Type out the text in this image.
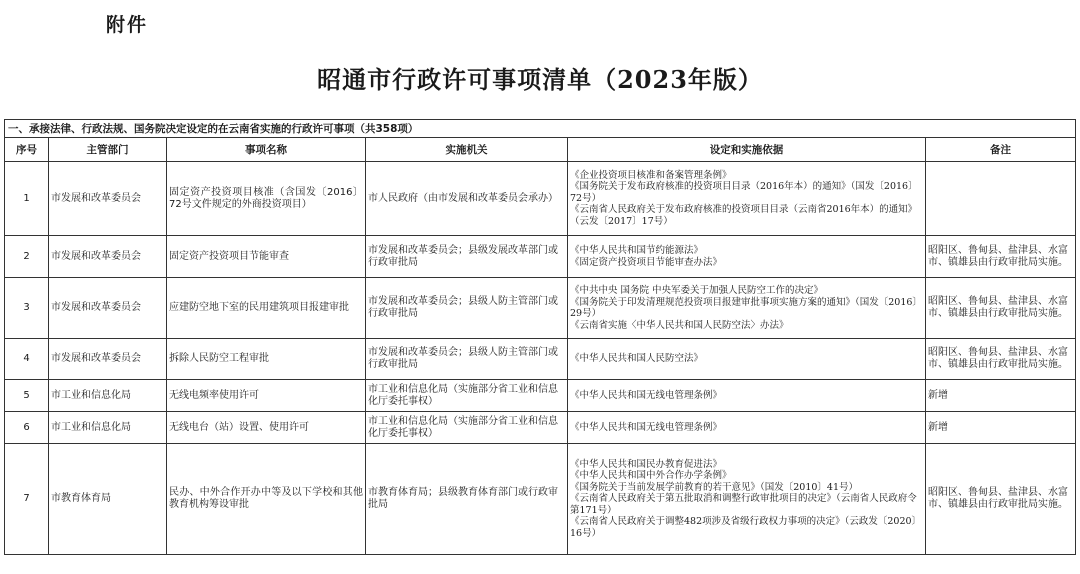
附件
昭通市行政许可事项清单（2023年版）
一、承接法律、行政法规、国务院决定设定的在云南省实施的行政许可事项（共358项）					
序号	主管部门	事项名称	实施机关	设定和实施依据	备注
1	市发展和改革委员会	固定资产投资项目核准（含国发〔2016〕72号文件规定的外商投资项目）	市人民政府（由市发展和改革委员会承办）	《企业投资项目核准和备案管理条例》
《国务院关于发布政府核准的投资项目目录（2016年本）的通知》（国发〔2016〕72号）
《云南省人民政府关于发布政府核准的投资项目目录（云南省2016年本）的通知》（云发〔2017〕17号）	

2	市发展和改革委员会	固定资产投资项目节能审查	市发展和改革委员会；县级发展改革部门或行政审批局	《中华人民共和国节约能源法》
《固定资产投资项目节能审查办法》	昭阳区、鲁甸县、盐津县、水富市、镇雄县由行政审批局实施。
3	市发展和改革委员会	应建防空地下室的民用建筑项目报建审批	市发展和改革委员会；县级人防主管部门或行政审批局	《中共中央 国务院 中央军委关于加强人民防空工作的决定》
《国务院关于印发清理规范投资项目报建审批事项实施方案的通知》（国发〔2016〕29号）
《云南省实施〈中华人民共和国人民防空法〉办法》	昭阳区、鲁甸县、盐津县、水富市、镇雄县由行政审批局实施。
4	市发展和改革委员会	拆除人民防空工程审批	市发展和改革委员会；县级人防主管部门或行政审批局	《中华人民共和国人民防空法》	昭阳区、鲁甸县、盐津县、水富市、镇雄县由行政审批局实施。
5	市工业和信息化局	无线电频率使用许可	市工业和信息化局（实施部分省工业和信息化厅委托事权）	《中华人民共和国无线电管理条例》	新增
6	市工业和信息化局	无线电台（站）设置、使用许可	市工业和信息化局（实施部分省工业和信息化厅委托事权）	《中华人民共和国无线电管理条例》	新增
7	市教育体育局	民办、中外合作开办中等及以下学校和其他教育机构筹设审批	市教育体育局；县级教育体育部门或行政审批局	《中华人民共和国民办教育促进法》
《中华人民共和国中外合作办学条例》
《国务院关于当前发展学前教育的若干意见》（国发〔2010〕41号）
《云南省人民政府关于第五批取消和调整行政审批项目的决定》（云南省人民政府令第171号）
《云南省人民政府关于调整482项涉及省级行政权力事项的决定》（云政发〔2020〕16号）	昭阳区、鲁甸县、盐津县、水富市、镇雄县由行政审批局实施。
